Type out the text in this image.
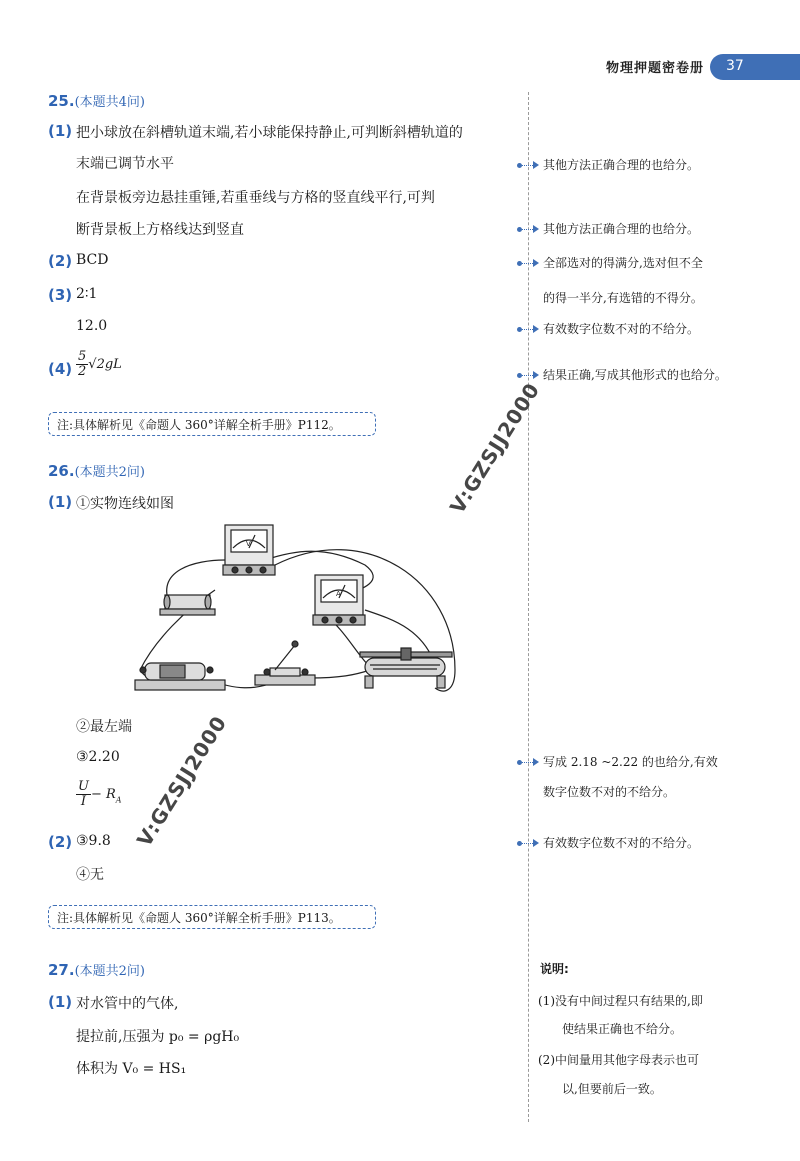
物理押题密卷册 37
25.(本题共4问)
(1) 把小球放在斜槽轨道末端,若小球能保持静止,可判断斜槽轨道的
末端已调节水平
在背景板旁边悬挂重锤,若重垂线与方格的竖直线平行,可判
断背景板上方格线达到竖直
(2) BCD
(3) 2∶1
12.0
$(4) \frac{5}{2} √2gL$
注:具体解析见《命题人 360°详解全析手册》P112。
26.(本题共2问)
(1) ①实物连线如图
V
A
②最左端
③2.20
$\frac{U}{I} - R_A$
(2) ③9.8
④无
注:具体解析见《命题人 360°详解全析手册》P113。
27.(本题共2问)
(1) 对水管中的气体,
提拉前,压强为 p₀ = ρgH₀
体积为 V₀ = HS₁
其他方法正确合理的也给分。
其他方法正确合理的也给分。
全部选对的得满分,选对但不全
的得一半分,有选错的不得分。
有效数字位数不对的不给分。
结果正确,写成其他形式的也给分。
写成 2.18 ~2.22 的也给分,有效
数字位数不对的不给分。
有效数字位数不对的不给分。
说明:
(1)没有中间过程只有结果的,即
使结果正确也不给分。
(2)中间量用其他字母表示也可
以,但要前后一致。
V:GZSJJ2000
V:GZSJJ2000
